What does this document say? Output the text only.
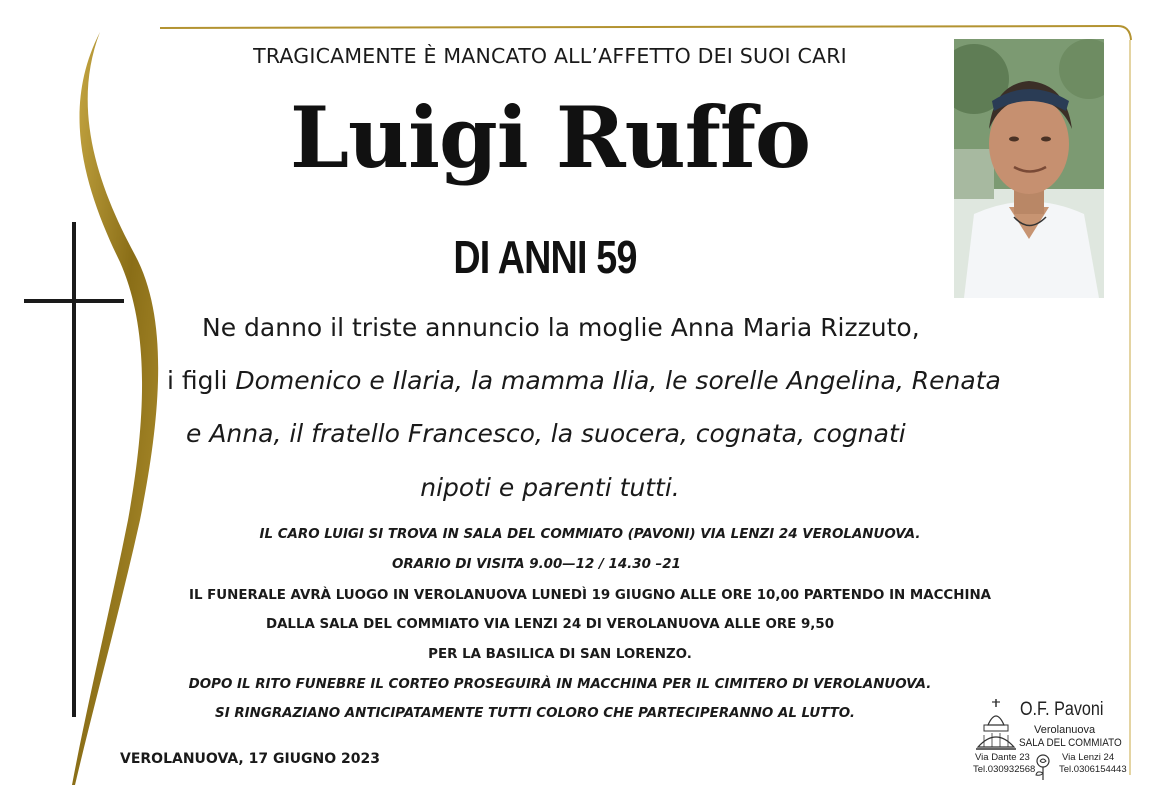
TRAGICAMENTE È MANCATO ALL’AFFETTO DEI SUOI CARI
Luigi Ruffo
DI ANNI 59
Ne danno il triste annuncio la moglie Anna Maria Rizzuto,
i figli Domenico e Ilaria, la mamma Ilia, le sorelle Angelina, Renata
e Anna, il fratello Francesco, la suocera, cognata, cognati
nipoti e parenti tutti.
IL CARO LUIGI SI TROVA IN SALA DEL COMMIATO (PAVONI) VIA LENZI 24 VEROLANUOVA.
ORARIO DI VISITA 9.00—12 / 14.30 –21
IL FUNERALE AVRÀ LUOGO IN VEROLANUOVA LUNEDÌ 19 GIUGNO ALLE ORE 10,00 PARTENDO IN MACCHINA
DALLA SALA DEL COMMIATO VIA LENZI 24 DI VEROLANUOVA ALLE ORE 9,50
PER LA BASILICA DI SAN LORENZO.
DOPO IL RITO FUNEBRE IL CORTEO PROSEGUIRÀ IN MACCHINA PER IL CIMITERO DI VEROLANUOVA.
SI RINGRAZIANO ANTICIPATAMENTE TUTTI COLORO CHE PARTECIPERANNO AL LUTTO.
VEROLANUOVA, 17 GIUGNO 2023
O.F. Pavoni
Verolanuova
SALA DEL COMMIATO
Via Dante 23
Tel.030932568
Via Lenzi 24
Tel.0306154443
